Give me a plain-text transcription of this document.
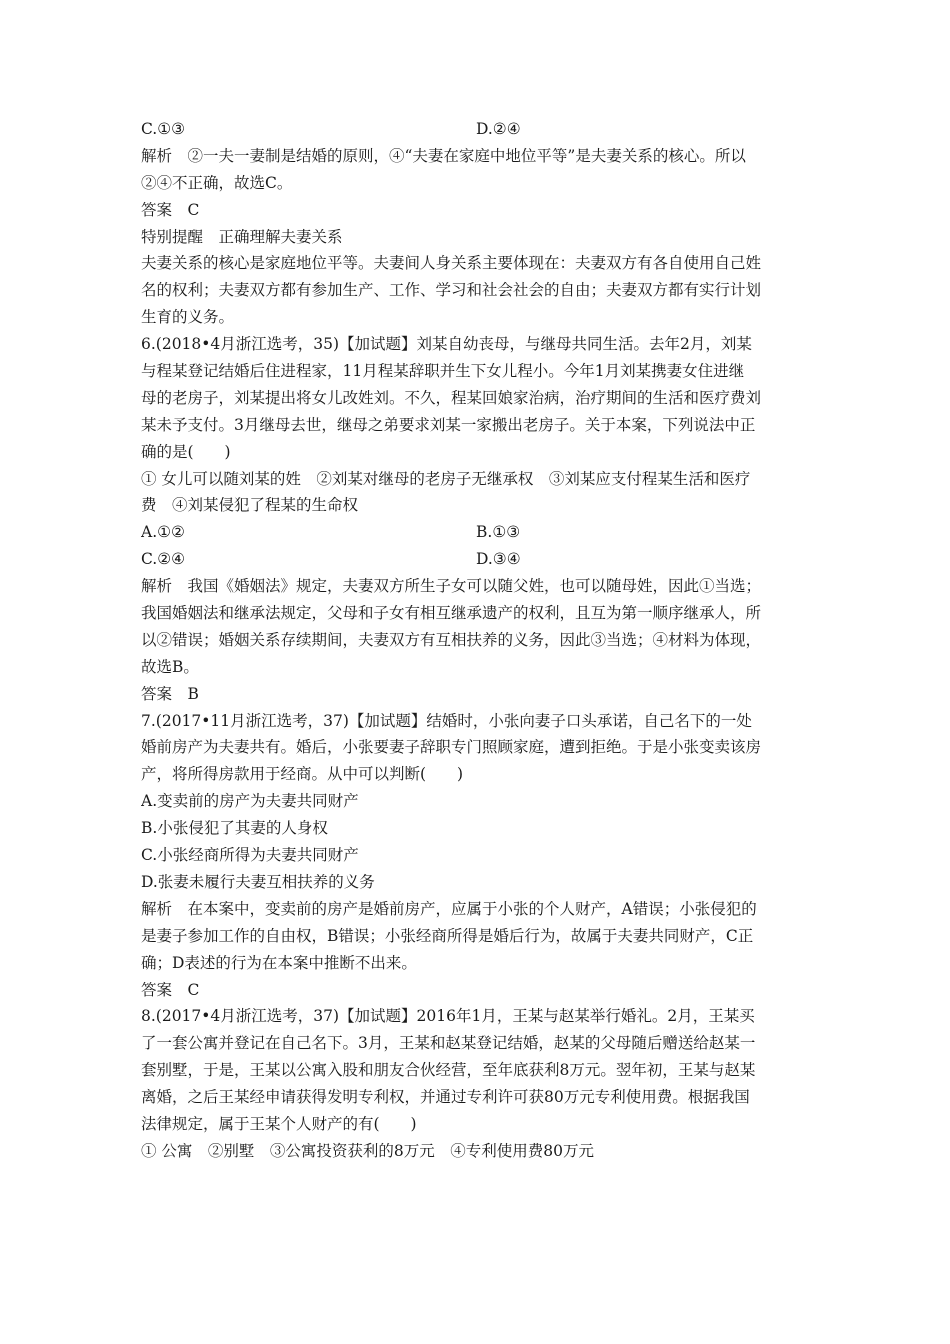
C.①③	D.②④
解析　②一夫一妻制是结婚的原则，④“夫妻在家庭中地位平等”是夫妻关系的核心。所以
②④不正确，故选C。
答案　C
特别提醒　正确理解夫妻关系
夫妻关系的核心是家庭地位平等。夫妻间人身关系主要体现在：夫妻双方有各自使用自己姓
名的权利；夫妻双方都有参加生产、工作、学习和社会社会的自由；夫妻双方都有实行计划
生育的义务。
6.(2018•4月浙江选考，35)【加试题】刘某自幼丧母，与继母共同生活。去年2月，刘某
与程某登记结婚后住进程家，11月程某辞职并生下女儿程小。今年1月刘某携妻女住进继
母的老房子，刘某提出将女儿改姓刘。不久，程某回娘家治病，治疗期间的生活和医疗费刘
某未予支付。3月继母去世，继母之弟要求刘某一家搬出老房子。关于本案，下列说法中正
确的是(　　)
① 女儿可以随刘某的姓　②刘某对继母的老房子无继承权　③刘某应支付程某生活和医疗
费　④刘某侵犯了程某的生命权
A.①②	B.①③
C.②④	D.③④
解析　我国《婚姻法》规定，夫妻双方所生子女可以随父姓，也可以随母姓，因此①当选；
我国婚姻法和继承法规定，父母和子女有相互继承遗产的权利，且互为第一顺序继承人，所
以②错误；婚姻关系存续期间，夫妻双方有互相扶养的义务，因此③当选；④材料为体现，
故选B。
答案　B
7.(2017•11月浙江选考，37)【加试题】结婚时，小张向妻子口头承诺，自己名下的一处
婚前房产为夫妻共有。婚后，小张要妻子辞职专门照顾家庭，遭到拒绝。于是小张变卖该房
产，将所得房款用于经商。从中可以判断(　　)
A.变卖前的房产为夫妻共同财产
B.小张侵犯了其妻的人身权
C.小张经商所得为夫妻共同财产
D.张妻未履行夫妻互相扶养的义务
解析　在本案中，变卖前的房产是婚前房产，应属于小张的个人财产，A错误；小张侵犯的
是妻子参加工作的自由权，B错误；小张经商所得是婚后行为，故属于夫妻共同财产，C正
确；D表述的行为在本案中推断不出来。
答案　C
8.(2017•4月浙江选考，37)【加试题】2016年1月，王某与赵某举行婚礼。2月，王某买
了一套公寓并登记在自己名下。3月，王某和赵某登记结婚，赵某的父母随后赠送给赵某一
套别墅，于是，王某以公寓入股和朋友合伙经营，至年底获利8万元。翌年初，王某与赵某
离婚，之后王某经申请获得发明专利权，并通过专利许可获80万元专利使用费。根据我国
法律规定，属于王某个人财产的有(　　)
① 公寓　②别墅　③公寓投资获利的8万元　④专利使用费80万元
